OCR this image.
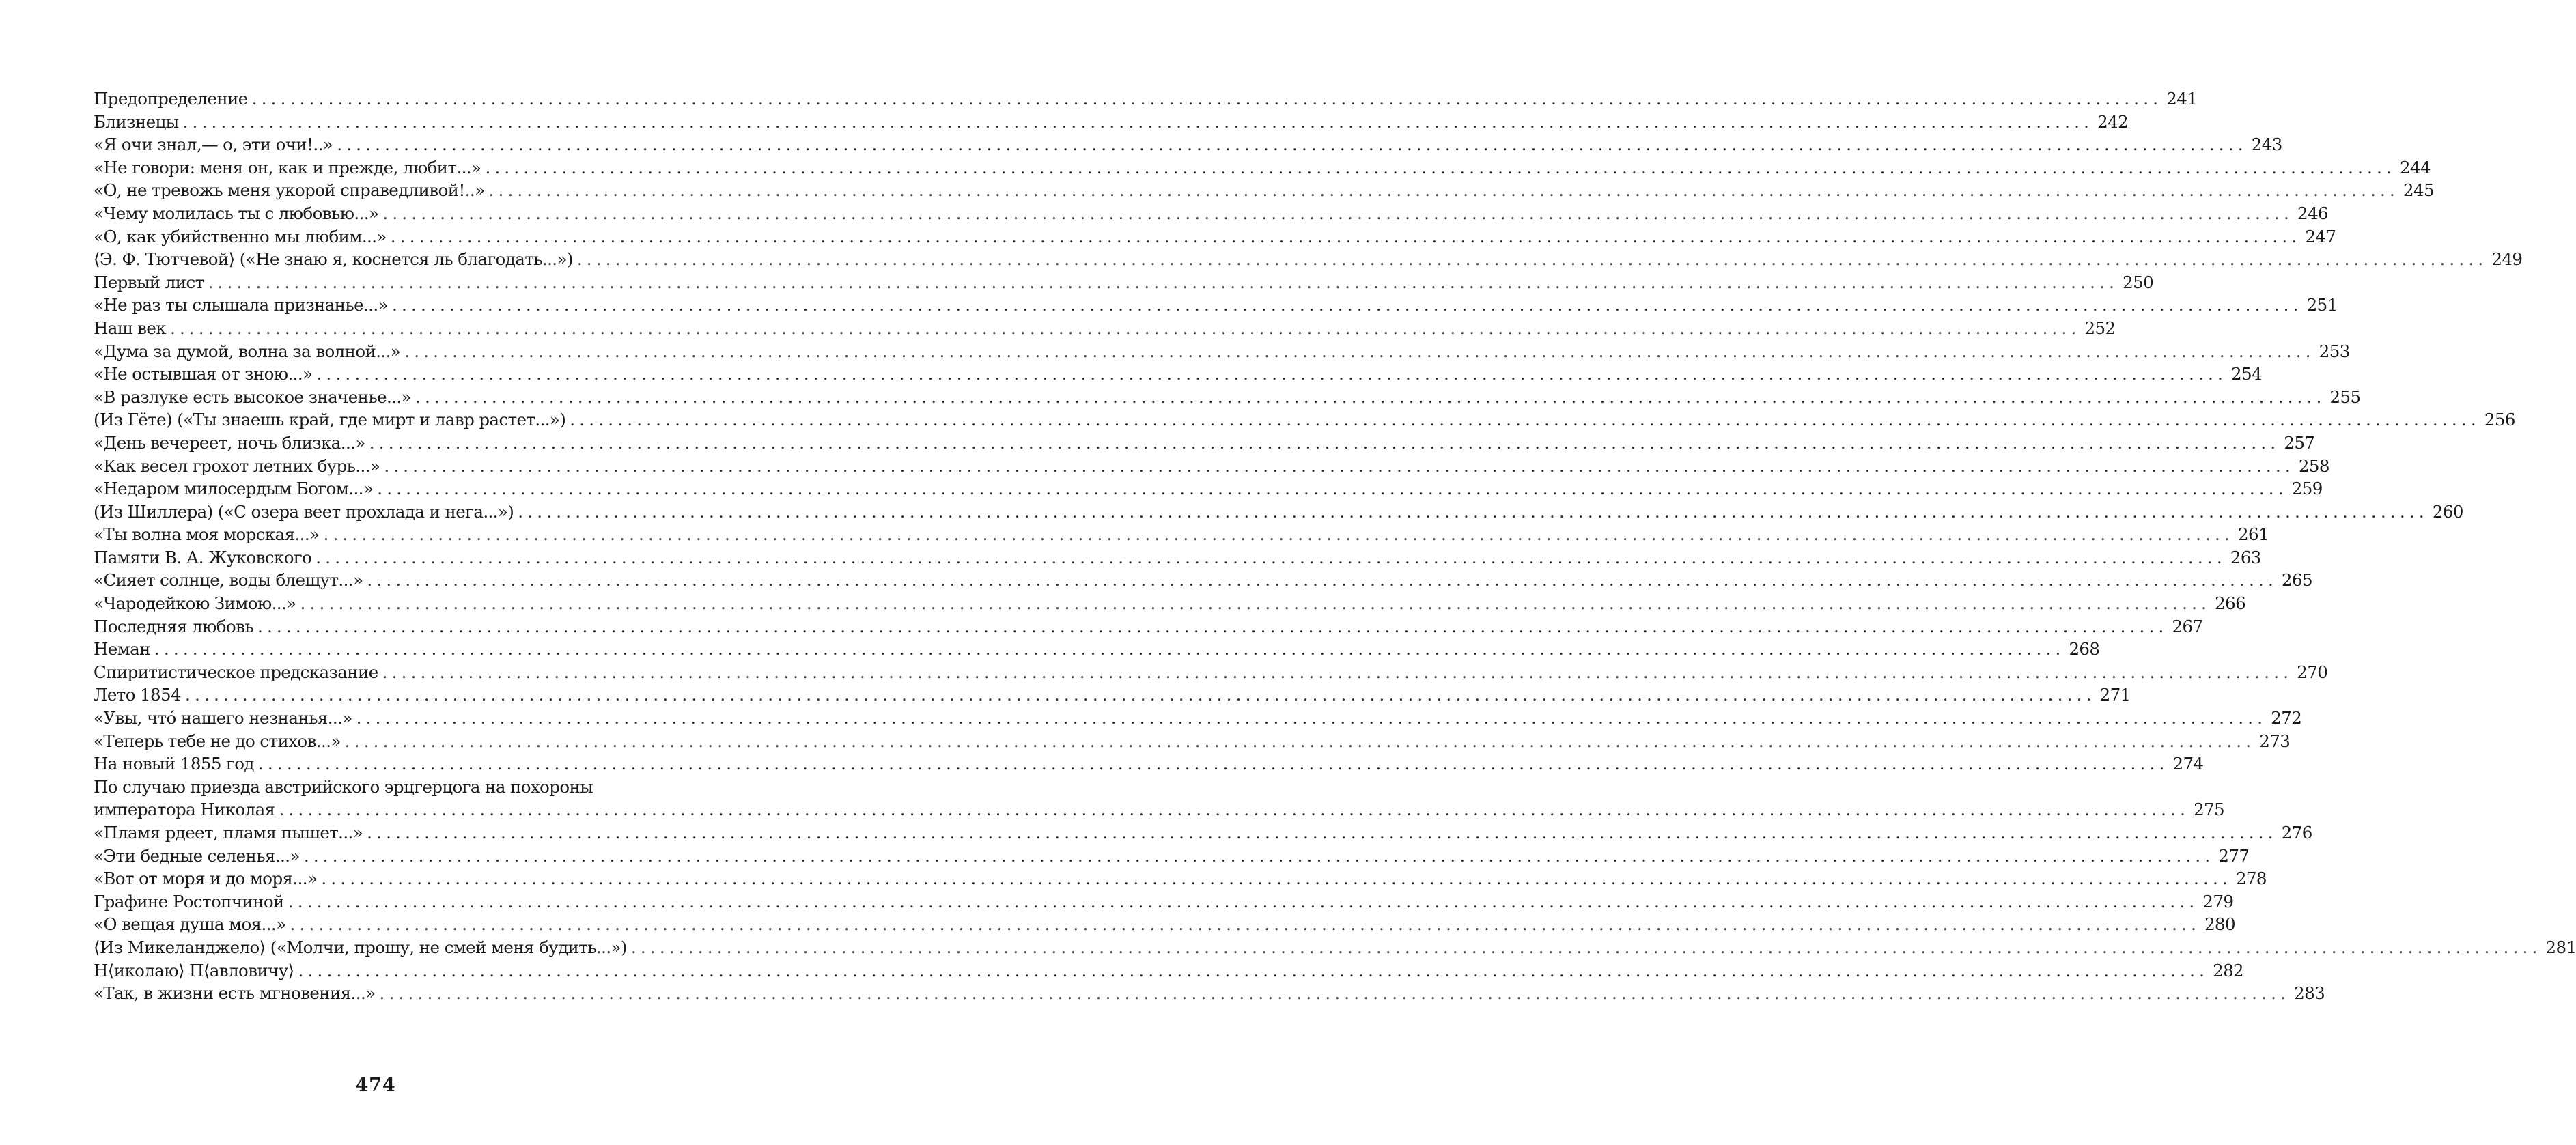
Предопределение ........................................................................................................................................................................................................ 241
Близнецы ........................................................................................................................................................................................................ 242
«Я очи знал,— о, эти очи!..» ........................................................................................................................................................................................................ 243
«Не говори: меня он, как и прежде, любит...» ........................................................................................................................................................................................................ 244
«О, не тревожь меня укорой справедливой!..» ........................................................................................................................................................................................................ 245
«Чему молилась ты с любовью...» ........................................................................................................................................................................................................ 246
«О, как убийственно мы любим...» ........................................................................................................................................................................................................ 247
⟨Э. Ф. Тютчевой⟩ («Не знаю я, коснется ль благодать...») ........................................................................................................................................................................................................ 249
Первый лист ........................................................................................................................................................................................................ 250
«Не раз ты слышала признанье...» ........................................................................................................................................................................................................ 251
Наш век ........................................................................................................................................................................................................ 252
«Дума за думой, волна за волной...» ........................................................................................................................................................................................................ 253
«Не остывшая от зною...» ........................................................................................................................................................................................................ 254
«В разлуке есть высокое значенье...» ........................................................................................................................................................................................................ 255
(Из Гёте) («Ты знаешь край, где мирт и лавр растет...») ........................................................................................................................................................................................................ 256
«День вечереет, ночь близка...» ........................................................................................................................................................................................................ 257
«Как весел грохот летних бурь...» ........................................................................................................................................................................................................ 258
«Недаром милосердым Богом...» ........................................................................................................................................................................................................ 259
(Из Шиллера) («С озера веет прохлада и нега...») ........................................................................................................................................................................................................ 260
«Ты волна моя морская...» ........................................................................................................................................................................................................ 261
Памяти В. А. Жуковского ........................................................................................................................................................................................................ 263
«Сияет солнце, воды блещут...» ........................................................................................................................................................................................................ 265
«Чародейкою Зимою...» ........................................................................................................................................................................................................ 266
Последняя любовь ........................................................................................................................................................................................................ 267
Неман ........................................................................................................................................................................................................ 268
Спиритистическое предсказание ........................................................................................................................................................................................................ 270
Лето 1854 ........................................................................................................................................................................................................ 271
«Увы, что́ нашего незнанья...» ........................................................................................................................................................................................................ 272
«Теперь тебе не до стихов...» ........................................................................................................................................................................................................ 273
На новый 1855 год ........................................................................................................................................................................................................ 274
По случаю приезда австрийского эрцгерцога на похороны
императора Николая ........................................................................................................................................................................................................ 275
«Пламя рдеет, пламя пышет...» ........................................................................................................................................................................................................ 276
«Эти бедные селенья...» ........................................................................................................................................................................................................ 277
«Вот от моря и до моря...» ........................................................................................................................................................................................................ 278
Графине Ростопчиной ........................................................................................................................................................................................................ 279
«О вещая душа моя...» ........................................................................................................................................................................................................ 280
⟨Из Микеланджело⟩ («Молчи, прошу, не смей меня будить...») ........................................................................................................................................................................................................ 281
Н⟨иколаю⟩ П⟨авловичу⟩ ........................................................................................................................................................................................................ 282
«Так, в жизни есть мгновения...» ........................................................................................................................................................................................................ 283
474
